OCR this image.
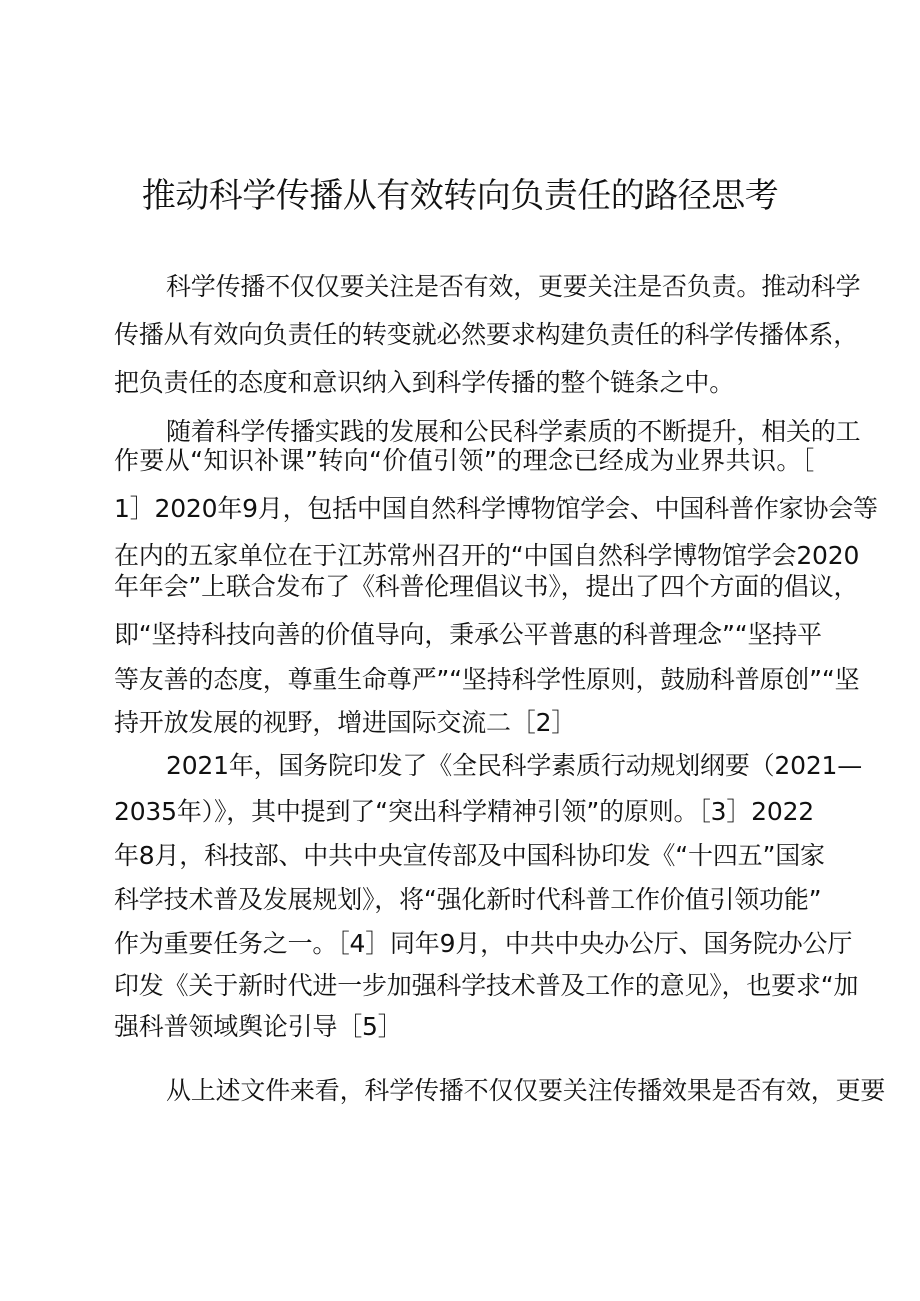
推动科学传播从有效转向负责任的路径思考
科学传播不仅仅要关注是否有效，更要关注是否负责。推动科学
传播从有效向负责任的转变就必然要求构建负责任的科学传播体系，
把负责任的态度和意识纳入到科学传播的整个链条之中。
随着科学传播实践的发展和公民科学素质的不断提升，相关的工
作要从“知识补课”转向“价值引领”的理念已经成为业界共识。［
1］2020年9月，包括中国自然科学博物馆学会、中国科普作家协会等
在内的五家单位在于江苏常州召开的“中国自然科学博物馆学会2020
年年会”上联合发布了《科普伦理倡议书》，提出了四个方面的倡议，
即“坚持科技向善的价值导向，秉承公平普惠的科普理念”“坚持平
等友善的态度，尊重生命尊严”“坚持科学性原则，鼓励科普原创”“坚
持开放发展的视野，增进国际交流二［2］
2021年，国务院印发了《全民科学素质行动规划纲要（2021—
2035年）》，其中提到了“突出科学精神引领”的原则。［3］2022
年8月，科技部、中共中央宣传部及中国科协印发《“十四五”国家
科学技术普及发展规划》，将“强化新时代科普工作价值引领功能”
作为重要任务之一。［4］同年9月，中共中央办公厅、国务院办公厅
印发《关于新时代进一步加强科学技术普及工作的意见》，也要求“加
强科普领域舆论引导［5］
从上述文件来看，科学传播不仅仅要关注传播效果是否有效，更要
